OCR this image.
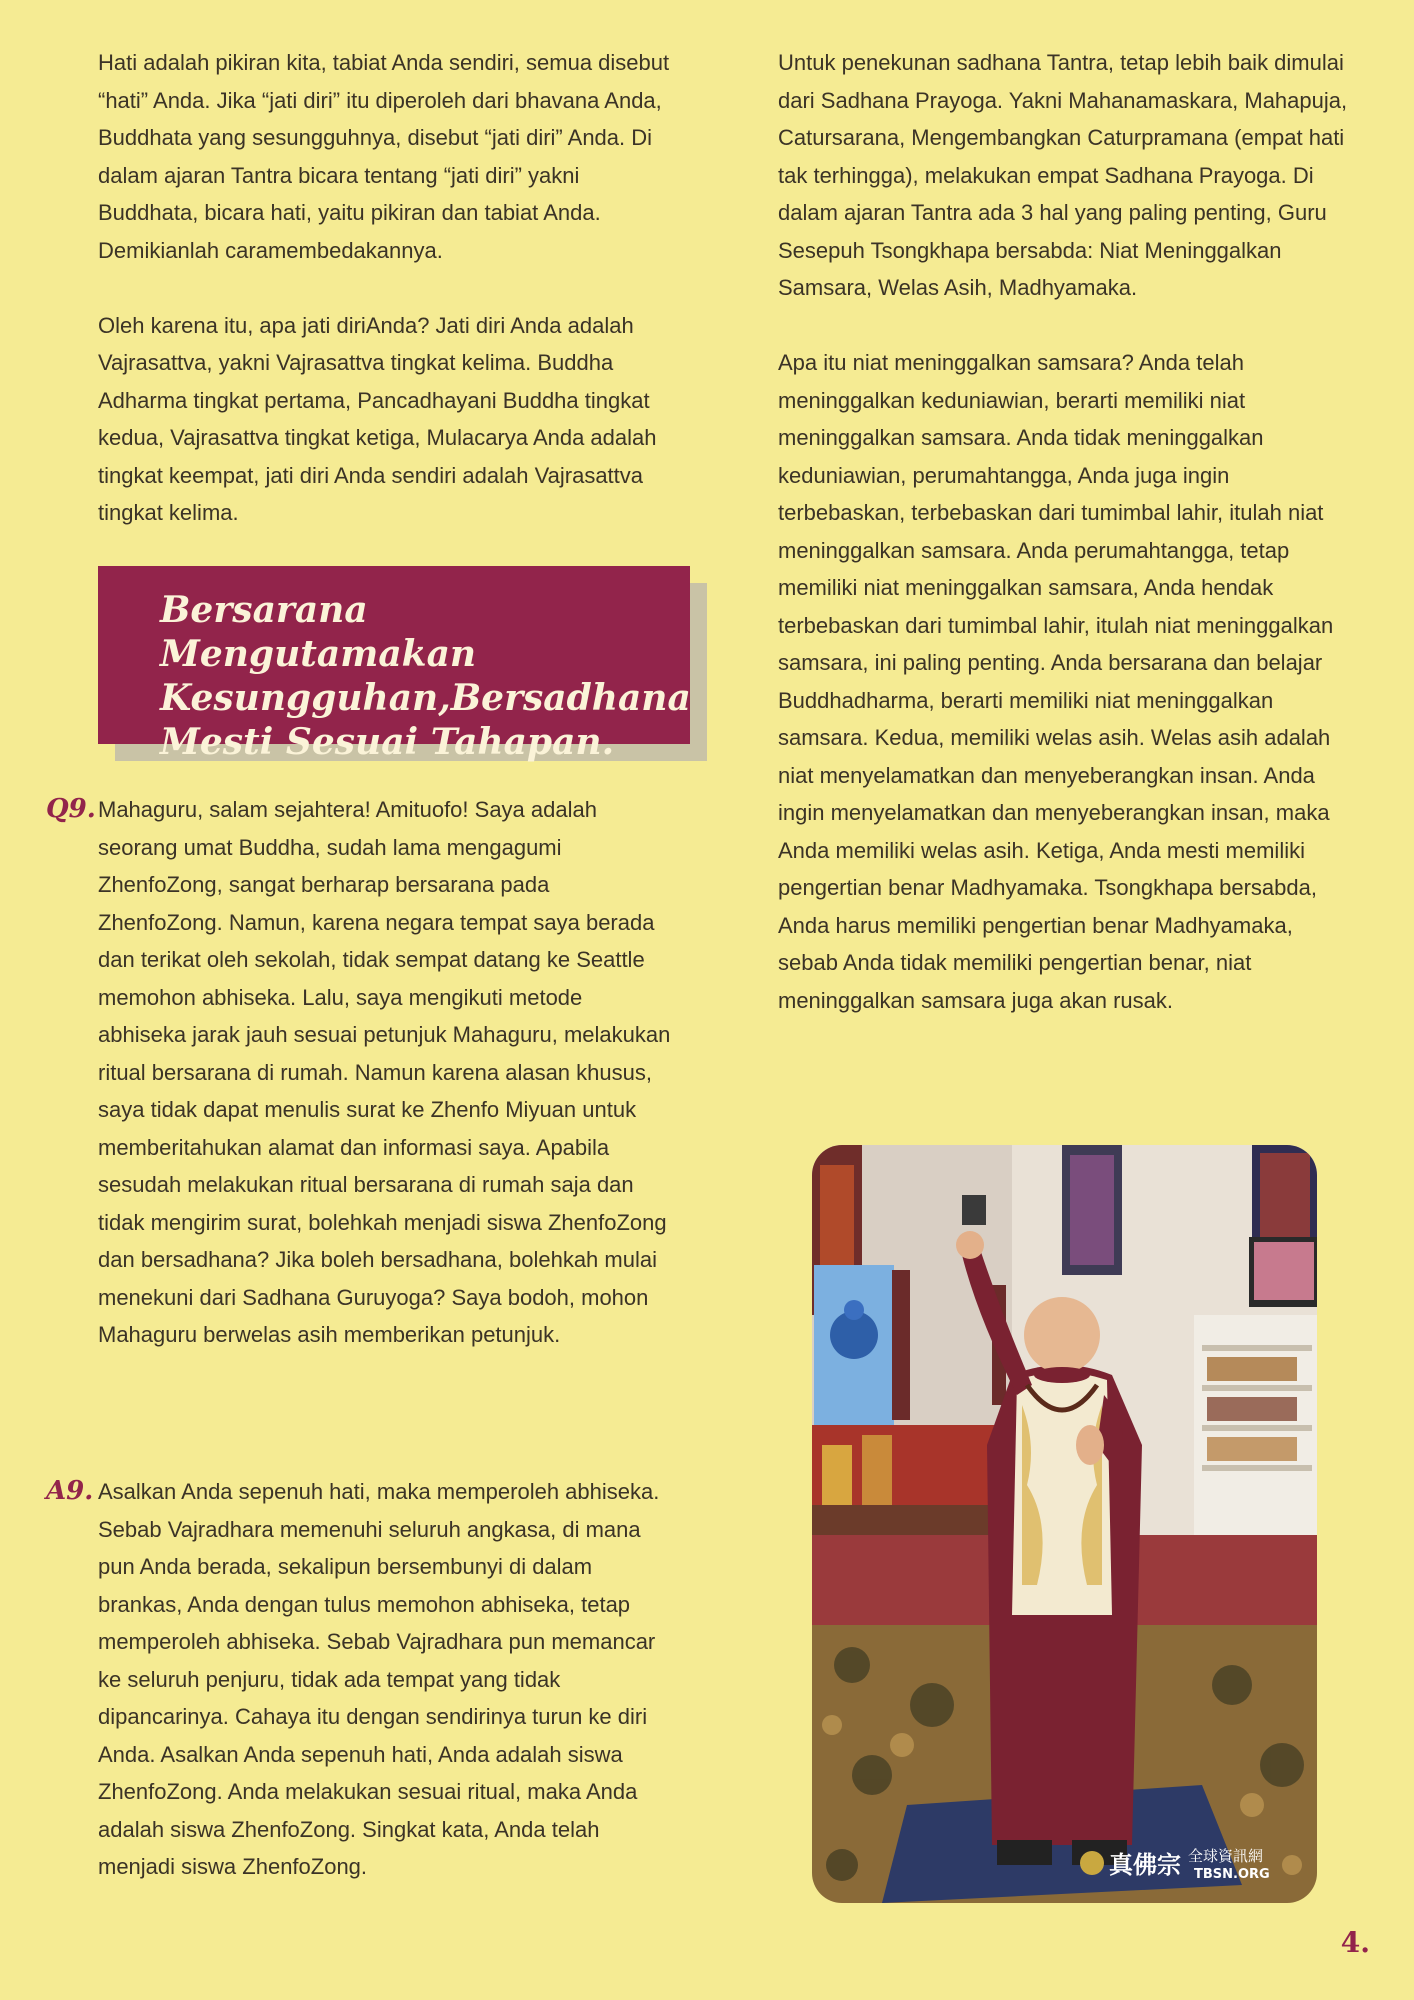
Hati adalah pikiran kita, tabiat Anda sendiri, semua disebut “hati” Anda. Jika “jati diri” itu diperoleh dari bhavana Anda, Buddhata yang sesungguhnya, disebut “jati diri” Anda. Di dalam ajaran Tantra bicara tentang “jati diri” yakni Buddhata, bicara hati, yaitu pikiran dan tabiat Anda. Demikianlah caramembedakannya.

Oleh karena itu, apa jati diriAnda? Jati diri Anda adalah Vajrasattva, yakni Vajrasattva tingkat kelima. Buddha Adharma tingkat pertama, Pancadhayani Buddha tingkat kedua, Vajrasattva tingkat ketiga, Mulacarya Anda adalah tingkat keempat, jati diri Anda sendiri adalah Vajrasattva tingkat kelima.

Bersarana Mengutamakan
Kesungguhan,Bersadhana
Mesti Sesuai Tahapan.
Q9. Mahaguru, salam sejahtera! Amituofo! Saya adalah seorang umat Buddha, sudah lama mengagumi ZhenfoZong, sangat berharap bersarana pada ZhenfoZong. Namun, karena negara tempat saya berada dan terikat oleh sekolah, tidak sempat datang ke Seattle memohon abhiseka. Lalu, saya mengikuti metode abhiseka jarak jauh sesuai petunjuk Mahaguru, melakukan ritual bersarana di rumah. Namun karena alasan khusus, saya tidak dapat menulis surat ke Zhenfo Miyuan untuk memberitahukan alamat dan informasi saya. Apabila sesudah melakukan ritual bersarana di rumah saja dan tidak mengirim surat, bolehkah menjadi siswa ZhenfoZong dan bersadhana? Jika boleh bersadhana, bolehkah mulai menekuni dari Sadhana Guruyoga? Saya bodoh, mohon Mahaguru berwelas asih memberikan petunjuk.

A9. Asalkan Anda sepenuh hati, maka memperoleh abhiseka. Sebab Vajradhara memenuhi seluruh angkasa, di mana pun Anda berada, sekalipun bersembunyi di dalam brankas, Anda dengan tulus memohon abhiseka, tetap memperoleh abhiseka. Sebab Vajradhara pun memancar ke seluruh penjuru, tidak ada tempat yang tidak dipancarinya. Cahaya itu dengan sendirinya turun ke diri Anda. Asalkan Anda sepenuh hati, Anda adalah siswa ZhenfoZong. Anda melakukan sesuai ritual, maka Anda adalah siswa ZhenfoZong. Singkat kata, Anda telah menjadi siswa ZhenfoZong.

Untuk penekunan sadhana Tantra, tetap lebih baik dimulai dari Sadhana Prayoga. Yakni Mahanamaskara, Mahapuja, Catursarana, Mengembangkan Caturpramana (empat hati tak terhingga), melakukan empat Sadhana Prayoga. Di dalam ajaran Tantra ada 3 hal yang paling penting, Guru Sesepuh Tsongkhapa bersabda: Niat Meninggalkan Samsara, Welas Asih, Madhyamaka.

Apa itu niat meninggalkan samsara? Anda telah meninggalkan keduniawian, berarti memiliki niat meninggalkan samsara. Anda tidak meninggalkan keduniawian, perumahtangga, Anda juga ingin terbebaskan, terbebaskan dari tumimbal lahir, itulah niat meninggalkan samsara. Anda perumahtangga, tetap memiliki niat meninggalkan samsara, Anda hendak terbebaskan dari tumimbal lahir, itulah niat meninggalkan samsara, ini paling penting. Anda bersarana dan belajar Buddhadharma, berarti memiliki niat meninggalkan samsara. Kedua, memiliki welas asih. Welas asih adalah niat menyelamatkan dan menyeberangkan insan. Anda ingin menyelamatkan dan menyeberangkan insan, maka Anda memiliki welas asih. Ketiga, Anda mesti memiliki pengertian benar Madhyamaka. Tsongkhapa bersabda, Anda harus memiliki pengertian benar Madhyamaka, sebab Anda tidak memiliki pengertian benar, niat meninggalkan samsara juga akan rusak.

真佛宗 全球資訊網
TBSN.ORG
4.
